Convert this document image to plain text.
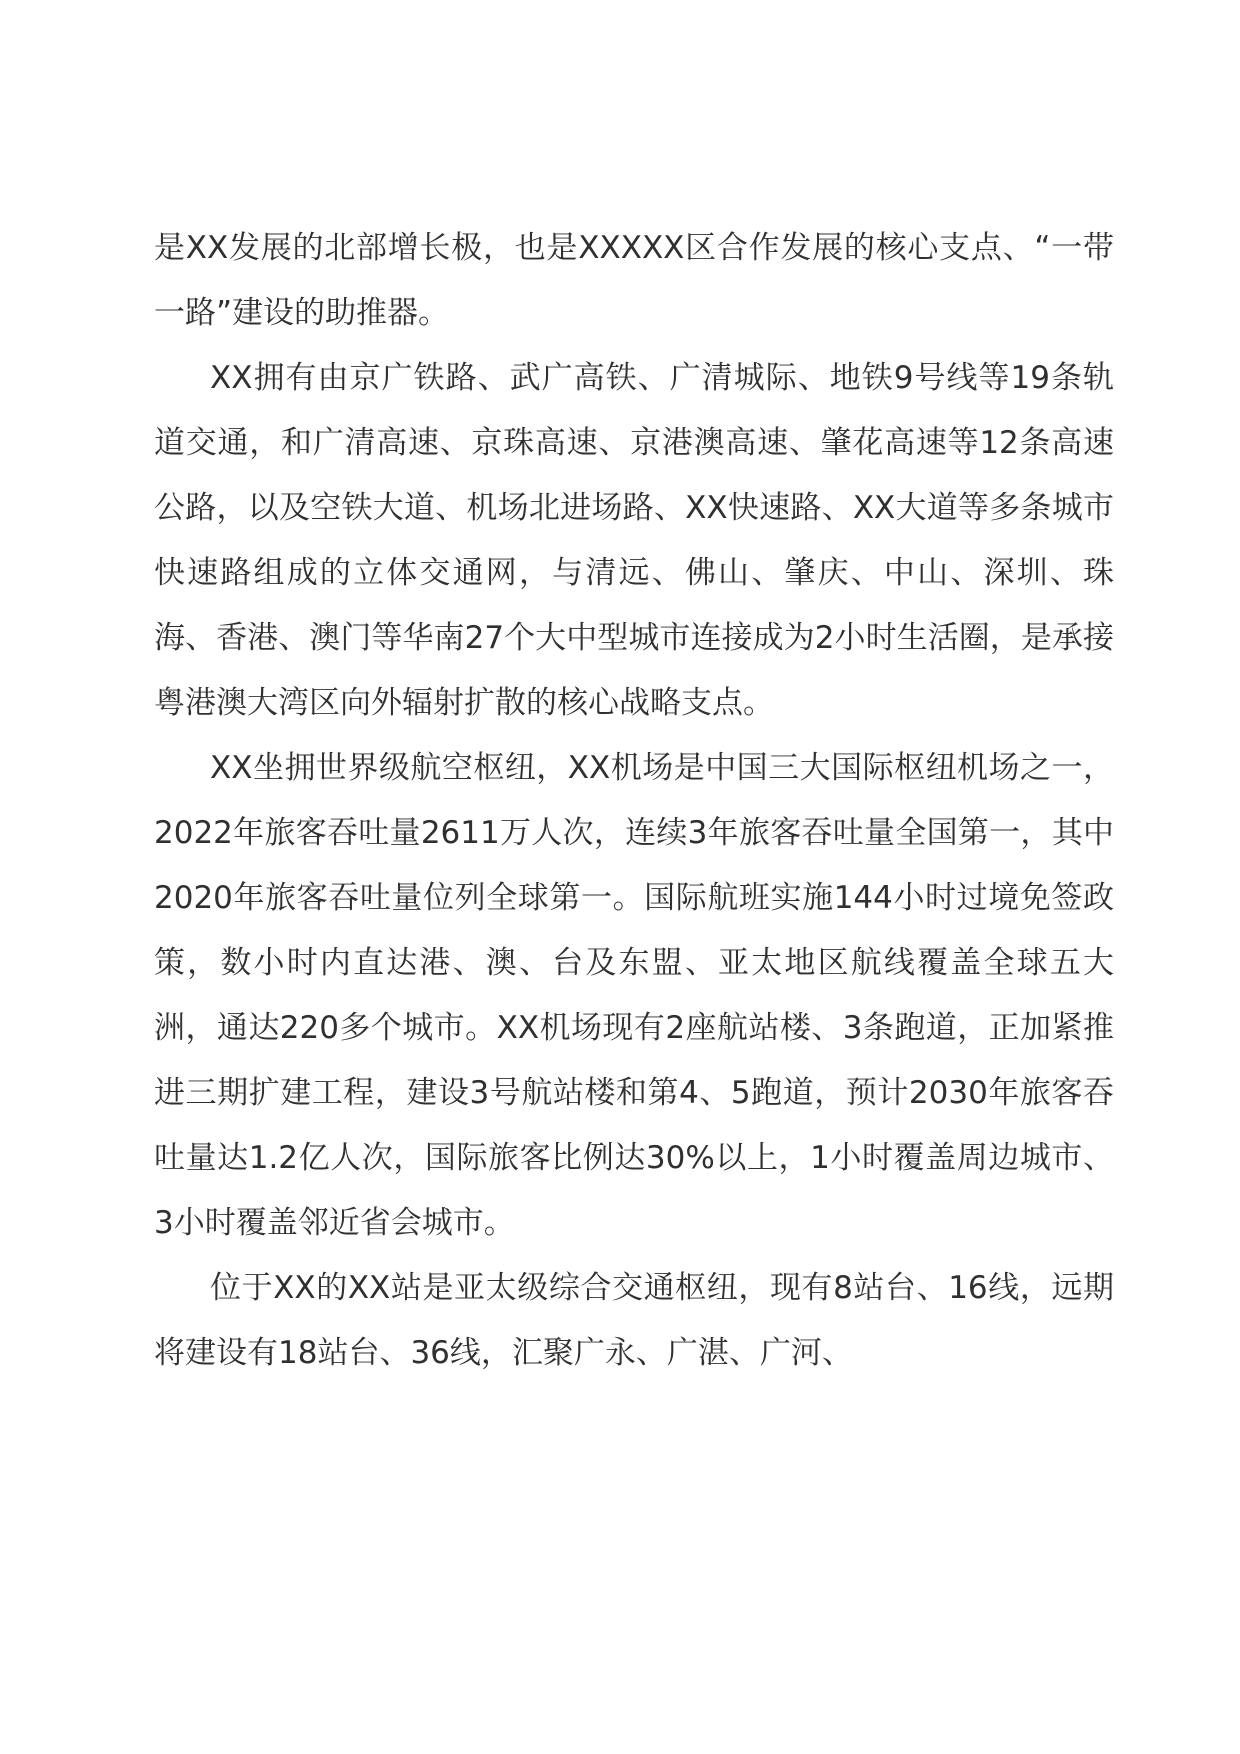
是XX发展的北部增长极，也是XXXXX区合作发展的核心支点、“一带一路”建设的助推器。

XX拥有由京广铁路、武广高铁、广清城际、地铁9号线等19条轨道交通，和广清高速、京珠高速、京港澳高速、肇花高速等12条高速公路，以及空铁大道、机场北进场路、XX快速路、XX大道等多条城市快速路组成的立体交通网，与清远、佛山、肇庆、中山、深圳、珠海、香港、澳门等华南27个大中型城市连接成为2小时生活圈，是承接粤港澳大湾区向外辐射扩散的核心战略支点。

XX坐拥世界级航空枢纽，XX机场是中国三大国际枢纽机场之一，2022年旅客吞吐量2611万人次，连续3年旅客吞吐量全国第一，其中2020年旅客吞吐量位列全球第一。国际航班实施144小时过境免签政策，数小时内直达港、澳、台及东盟、亚太地区航线覆盖全球五大洲，通达220多个城市。XX机场现有2座航站楼、3条跑道，正加紧推进三期扩建工程，建设3号航站楼和第4、5跑道，预计2030年旅客吞吐量达1.2亿人次，国际旅客比例达30%以上，1小时覆盖周边城市、3小时覆盖邻近省会城市。

位于XX的XX站是亚太级综合交通枢纽，现有8站台、16线，远期将建设有18站台、36线，汇聚广永、广湛、广河、
